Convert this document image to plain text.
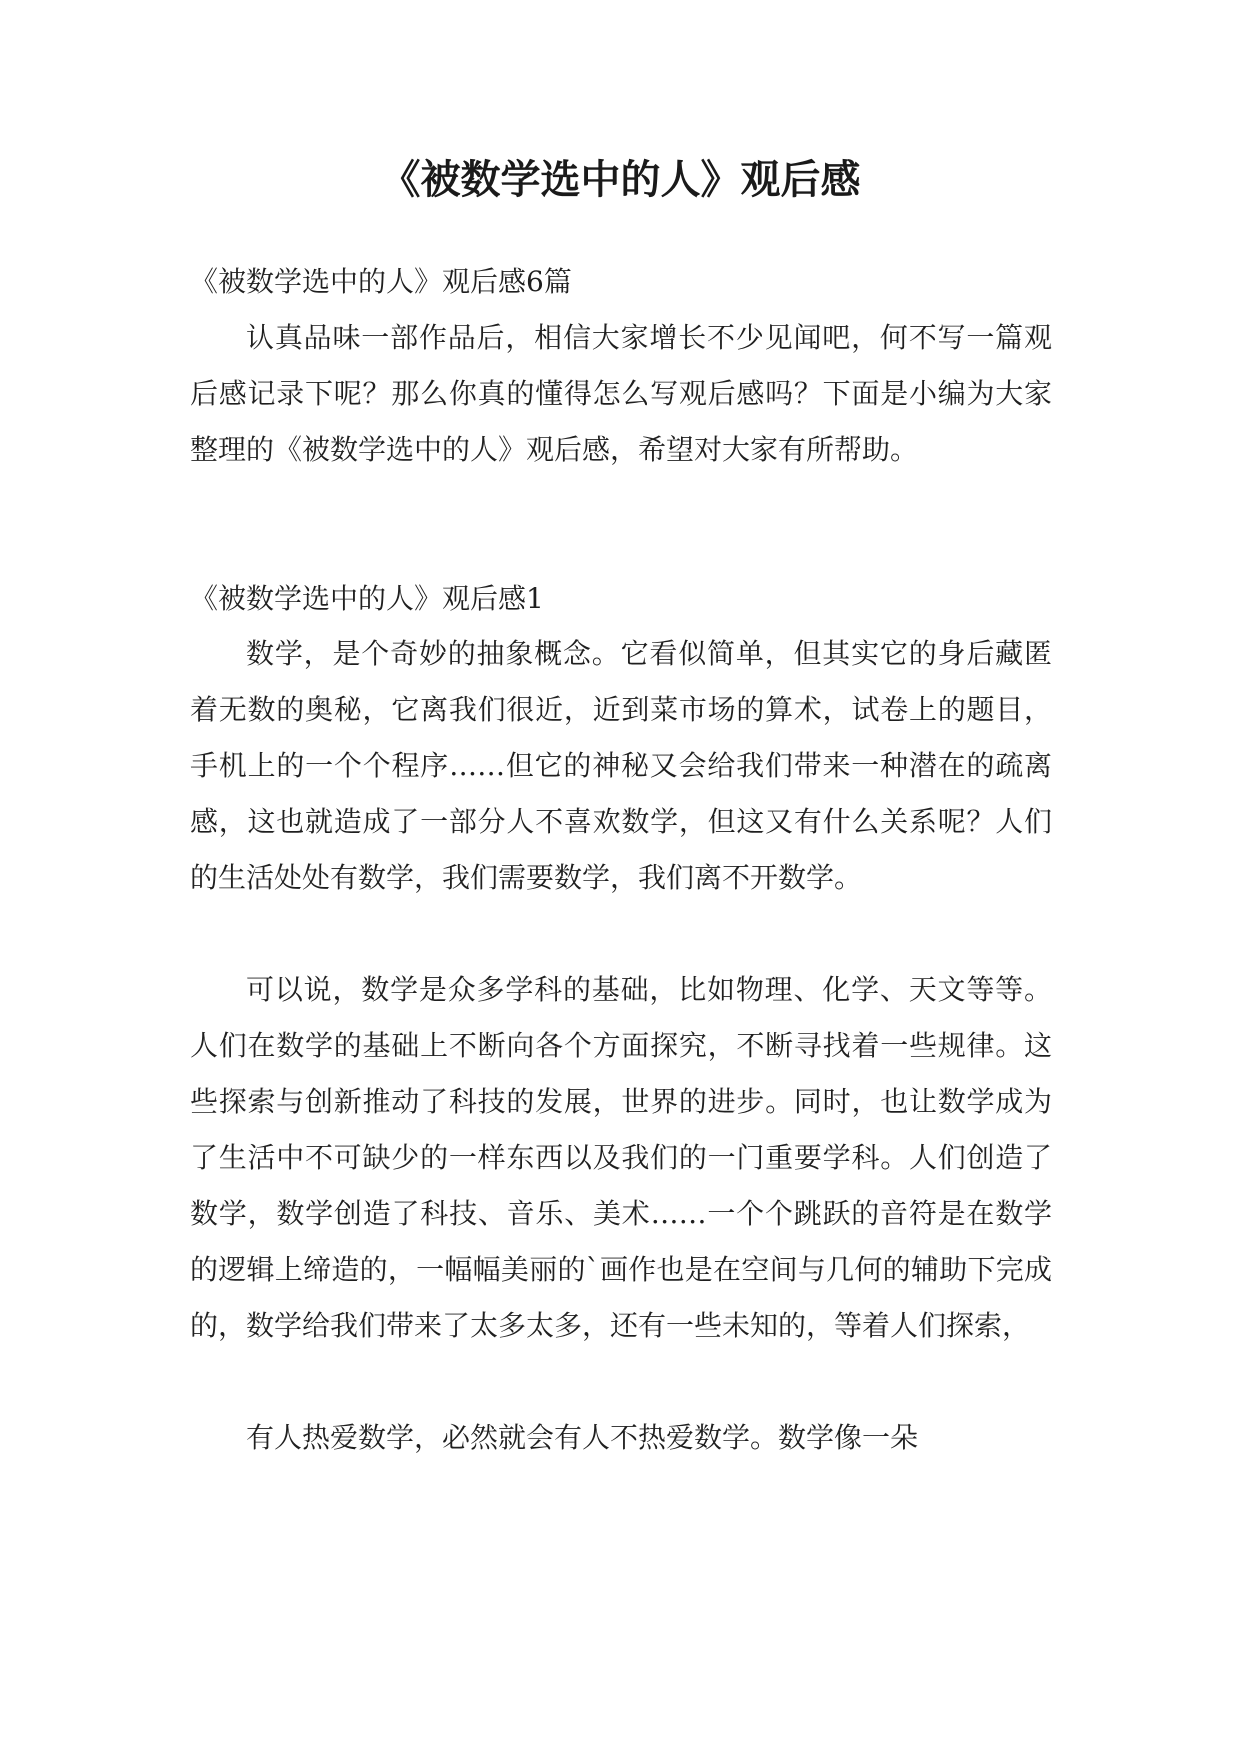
《被数学选中的人》观后感

《被数学选中的人》观后感6篇

认真品味一部作品后，相信大家增长不少见闻吧，何不写一篇观后感记录下呢？那么你真的懂得怎么写观后感吗？下面是小编为大家整理的《被数学选中的人》观后感，希望对大家有所帮助。

《被数学选中的人》观后感1

数学，是个奇妙的抽象概念。它看似简单，但其实它的身后藏匿着无数的奥秘，它离我们很近，近到菜市场的算术，试卷上的题目，手机上的一个个程序……但它的神秘又会给我们带来一种潜在的疏离感，这也就造成了一部分人不喜欢数学，但这又有什么关系呢？人们的生活处处有数学，我们需要数学，我们离不开数学。

可以说，数学是众多学科的基础，比如物理、化学、天文等等。人们在数学的基础上不断向各个方面探究，不断寻找着一些规律。这些探索与创新推动了科技的发展，世界的进步。同时，也让数学成为了生活中不可缺少的一样东西以及我们的一门重要学科。人们创造了数学，数学创造了科技、音乐、美术……一个个跳跃的音符是在数学的逻辑上缔造的，一幅幅美丽的`画作也是在空间与几何的辅助下完成的，数学给我们带来了太多太多，还有一些未知的，等着人们探索，

有人热爱数学，必然就会有人不热爱数学。数学像一朵
